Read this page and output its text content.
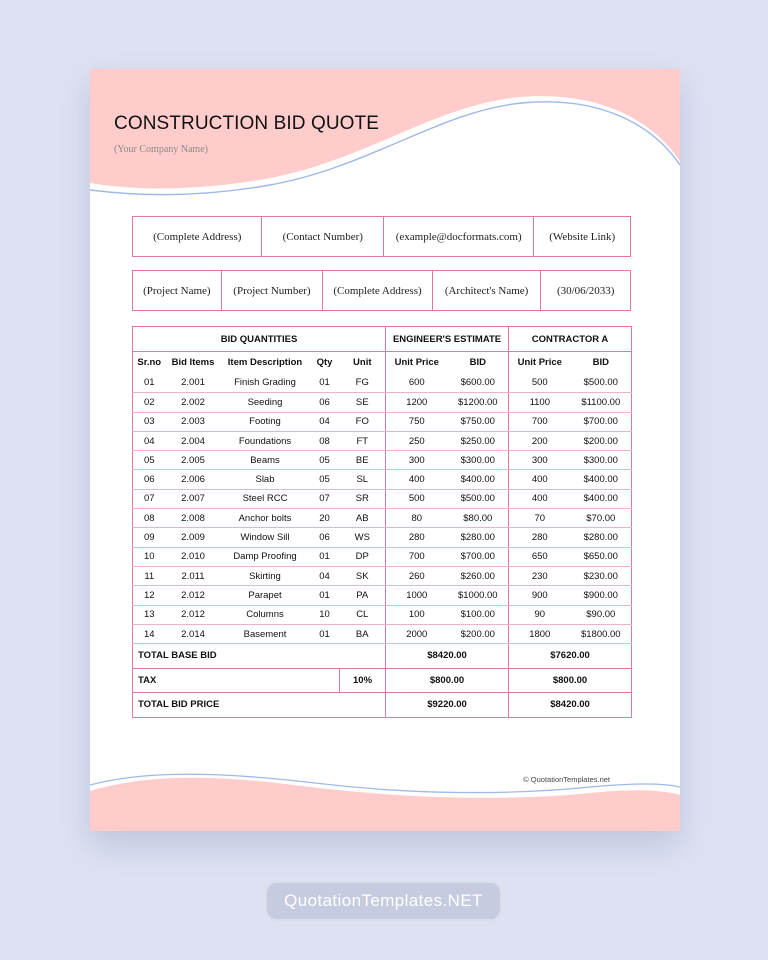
CONSTRUCTION BID QUOTE
(Your Company Name)
(Complete Address)	(Contact Number)	(example@docformats.com)	(Website Link)
(Project Name)	(Project Number)	(Complete Address)	(Architect's Name)	(30/06/2033)
BID QUANTITIES					ENGINEER'S ESTIMATE		CONTRACTOR A	
Sr.no	Bid Items	Item Description	Qty	Unit	Unit Price	BID	Unit Price	BID
01	2.001	Finish Grading	01	FG	600	$600.00	500	$500.00
02	2.002	Seeding	06	SE	1200	$1200.00	1100	$1100.00
03	2.003	Footing	04	FO	750	$750.00	700	$700.00
04	2.004	Foundations	08	FT	250	$250.00	200	$200.00
05	2.005	Beams	05	BE	300	$300.00	300	$300.00
06	2.006	Slab	05	SL	400	$400.00	400	$400.00
07	2.007	Steel RCC	07	SR	500	$500.00	400	$400.00
08	2.008	Anchor bolts	20	AB	80	$80.00	70	$70.00
09	2.009	Window Sill	06	WS	280	$280.00	280	$280.00
10	2.010	Damp Proofing	01	DP	700	$700.00	650	$650.00
11	2.011	Skirting	04	SK	260	$260.00	230	$230.00
12	2.012	Parapet	01	PA	1000	$1000.00	900	$900.00
13	2.012	Columns	10	CL	100	$100.00	90	$90.00
14	2.014	Basement	01	BA	2000	$200.00	1800	$1800.00
TOTAL BASE BID					$8420.00		$7620.00	
TAX				10%	$800.00		$800.00	
TOTAL BID PRICE					$9220.00		$8420.00	
© QuotationTemplates.net
QuotationTemplates.NET
